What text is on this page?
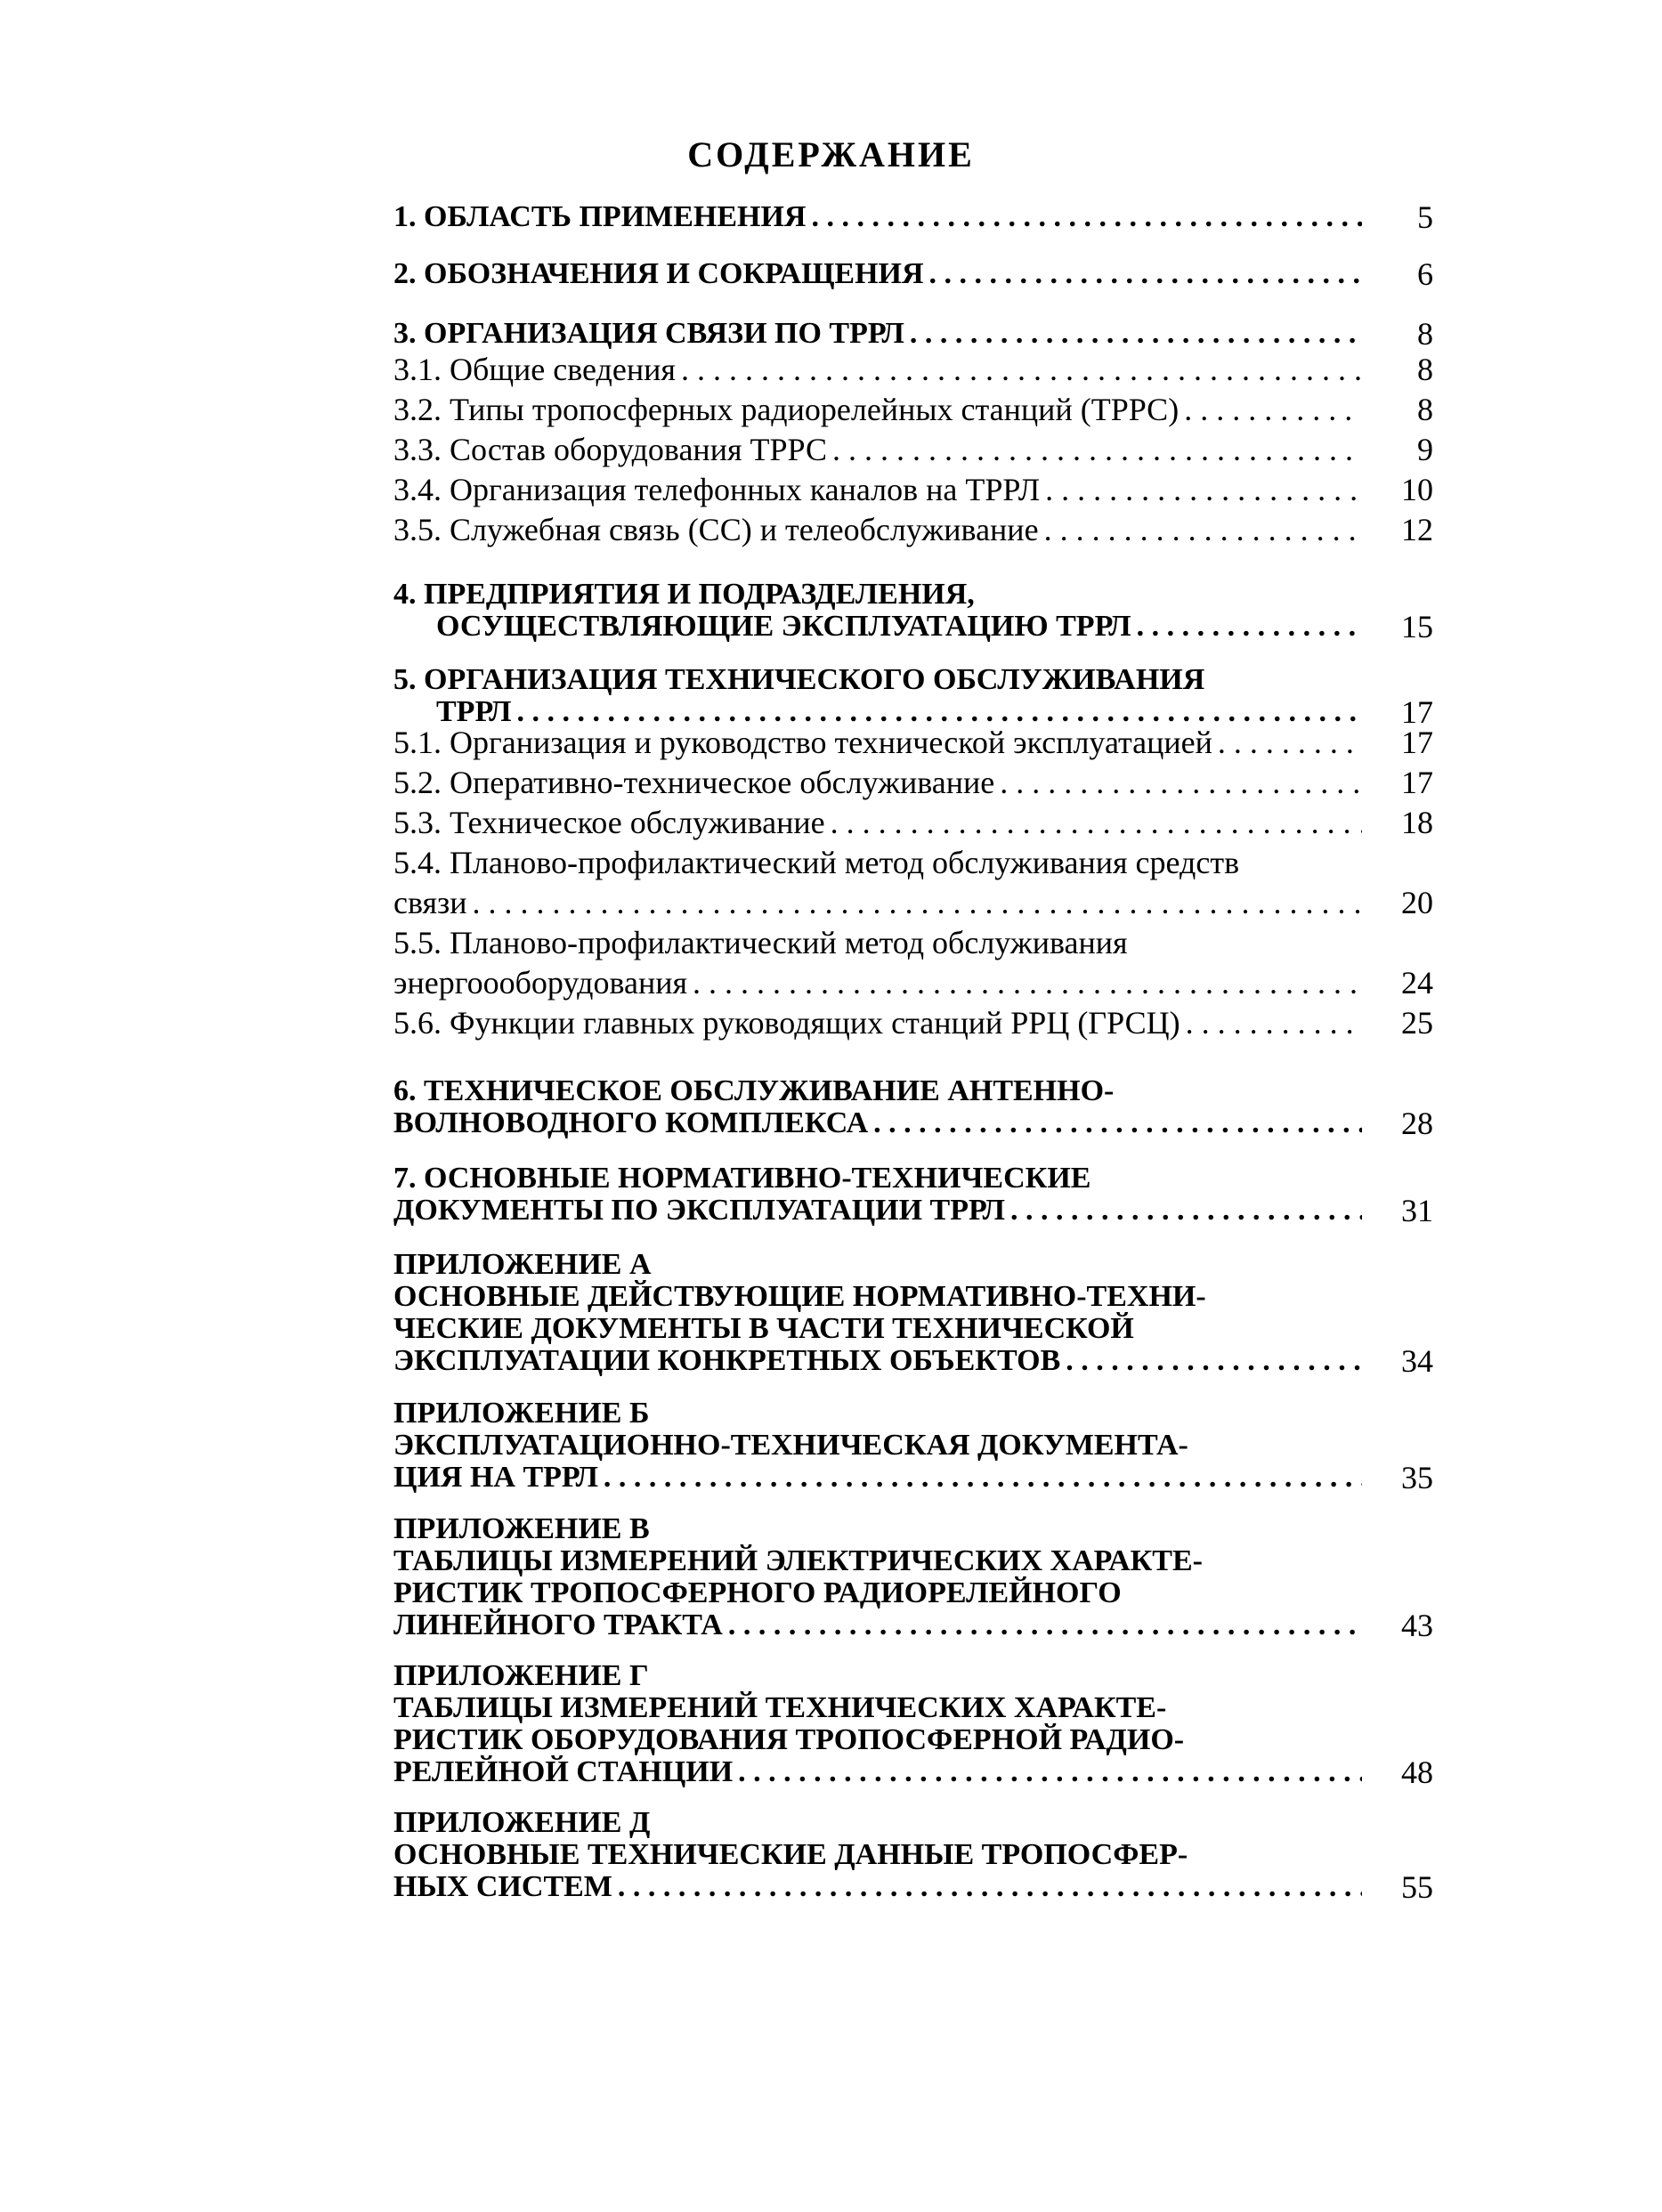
СОДЕРЖАНИЕ
1. ОБЛАСТЬ ПРИМЕНЕНИЯ . . .	5
2. ОБОЗНАЧЕНИЯ И СОКРАЩЕНИЯ . . .	6
3. ОРГАНИЗАЦИЯ СВЯЗИ ПО ТРРЛ . . .	8
3.1. Общие сведения . . .	8
3.2. Типы тропосферных радиорелейных станций (ТРРС) . . .	8
3.3. Состав оборудования ТРРС . . .	9
3.4. Организация телефонных каналов на ТРРЛ . . .	10
3.5. Служебная связь (СС) и телеобслуживание . . .	12
4. ПРЕДПРИЯТИЯ И ПОДРАЗДЕЛЕНИЯ,
ОСУЩЕСТВЛЯЮЩИЕ ЭКСПЛУАТАЦИЮ ТРРЛ . . .	15
5. ОРГАНИЗАЦИЯ ТЕХНИЧЕСКОГО ОБСЛУЖИВАНИЯ
ТРРЛ . . .	17
5.1. Организация и руководство технической эксплуатацией . . .	17
5.2. Оперативно-техническое обслуживание . . .	17
5.3. Техническое обслуживание . . .	18
5.4. Планово-профилактический метод обслуживания средств
связи . . .	20
5.5. Планово-профилактический метод обслуживания
энергоооборудования . . .	24
5.6. Функции главных руководящих станций РРЦ (ГРСЦ) . . .	25
6. ТЕХНИЧЕСКОЕ ОБСЛУЖИВАНИЕ АНТЕННО-
ВОЛНОВОДНОГО КОМПЛЕКСА . . .	28
7. ОСНОВНЫЕ НОРМАТИВНО-ТЕХНИЧЕСКИЕ
ДОКУМЕНТЫ ПО ЭКСПЛУАТАЦИИ ТРРЛ . . .	31
ПРИЛОЖЕНИЕ А
ОСНОВНЫЕ ДЕЙСТВУЮЩИЕ НОРМАТИВНО-ТЕХНИ-
ЧЕСКИЕ ДОКУМЕНТЫ В ЧАСТИ ТЕХНИЧЕСКОЙ
ЭКСПЛУАТАЦИИ КОНКРЕТНЫХ ОБЪЕКТОВ . . .	34
ПРИЛОЖЕНИЕ Б
ЭКСПЛУАТАЦИОННО-ТЕХНИЧЕСКАЯ ДОКУМЕНТА-
ЦИЯ НА ТРРЛ . . .	35
ПРИЛОЖЕНИЕ В
ТАБЛИЦЫ ИЗМЕРЕНИЙ ЭЛЕКТРИЧЕСКИХ ХАРАКТЕ-
РИСТИК ТРОПОСФЕРНОГО РАДИОРЕЛЕЙНОГО
ЛИНЕЙНОГО ТРАКТА . . .	43
ПРИЛОЖЕНИЕ Г
ТАБЛИЦЫ ИЗМЕРЕНИЙ ТЕХНИЧЕСКИХ ХАРАКТЕ-
РИСТИК ОБОРУДОВАНИЯ ТРОПОСФЕРНОЙ РАДИО-
РЕЛЕЙНОЙ СТАНЦИИ . . .	48
ПРИЛОЖЕНИЕ Д
ОСНОВНЫЕ ТЕХНИЧЕСКИЕ ДАННЫЕ ТРОПОСФЕР-
НЫХ СИСТЕМ . . .	55
